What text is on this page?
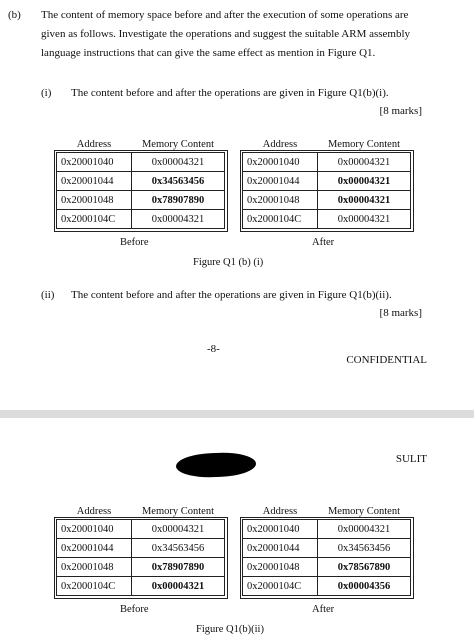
(b) The content of memory space before and after the execution of some operations are
given as follows. Investigate the operations and suggest the suitable ARM assembly
language instructions that can give the same effect as mention in Figure Q1.
(i) The content before and after the operations are given in Figure Q1(b)(i).
[8 marks]
Address	Memory Content
0x20001040	0x00004321
0x20001044	0x34563456
0x20001048	0x78907890
0x2000104C	0x00004321
Before
Address	Memory Content
0x20001040	0x00004321
0x20001044	0x00004321
0x20001048	0x00004321
0x2000104C	0x00004321
After
Figure Q1 (b) (i)
(ii) The content before and after the operations are given in Figure Q1(b)(ii).
[8 marks]
-8-
CONFIDENTIAL
SULIT
Address	Memory Content
0x20001040	0x00004321
0x20001044	0x34563456
0x20001048	0x78907890
0x2000104C	0x00004321
Before
Address	Memory Content
0x20001040	0x00004321
0x20001044	0x34563456
0x20001048	0x78567890
0x2000104C	0x00004356
After
Figure Q1(b)(ii)
